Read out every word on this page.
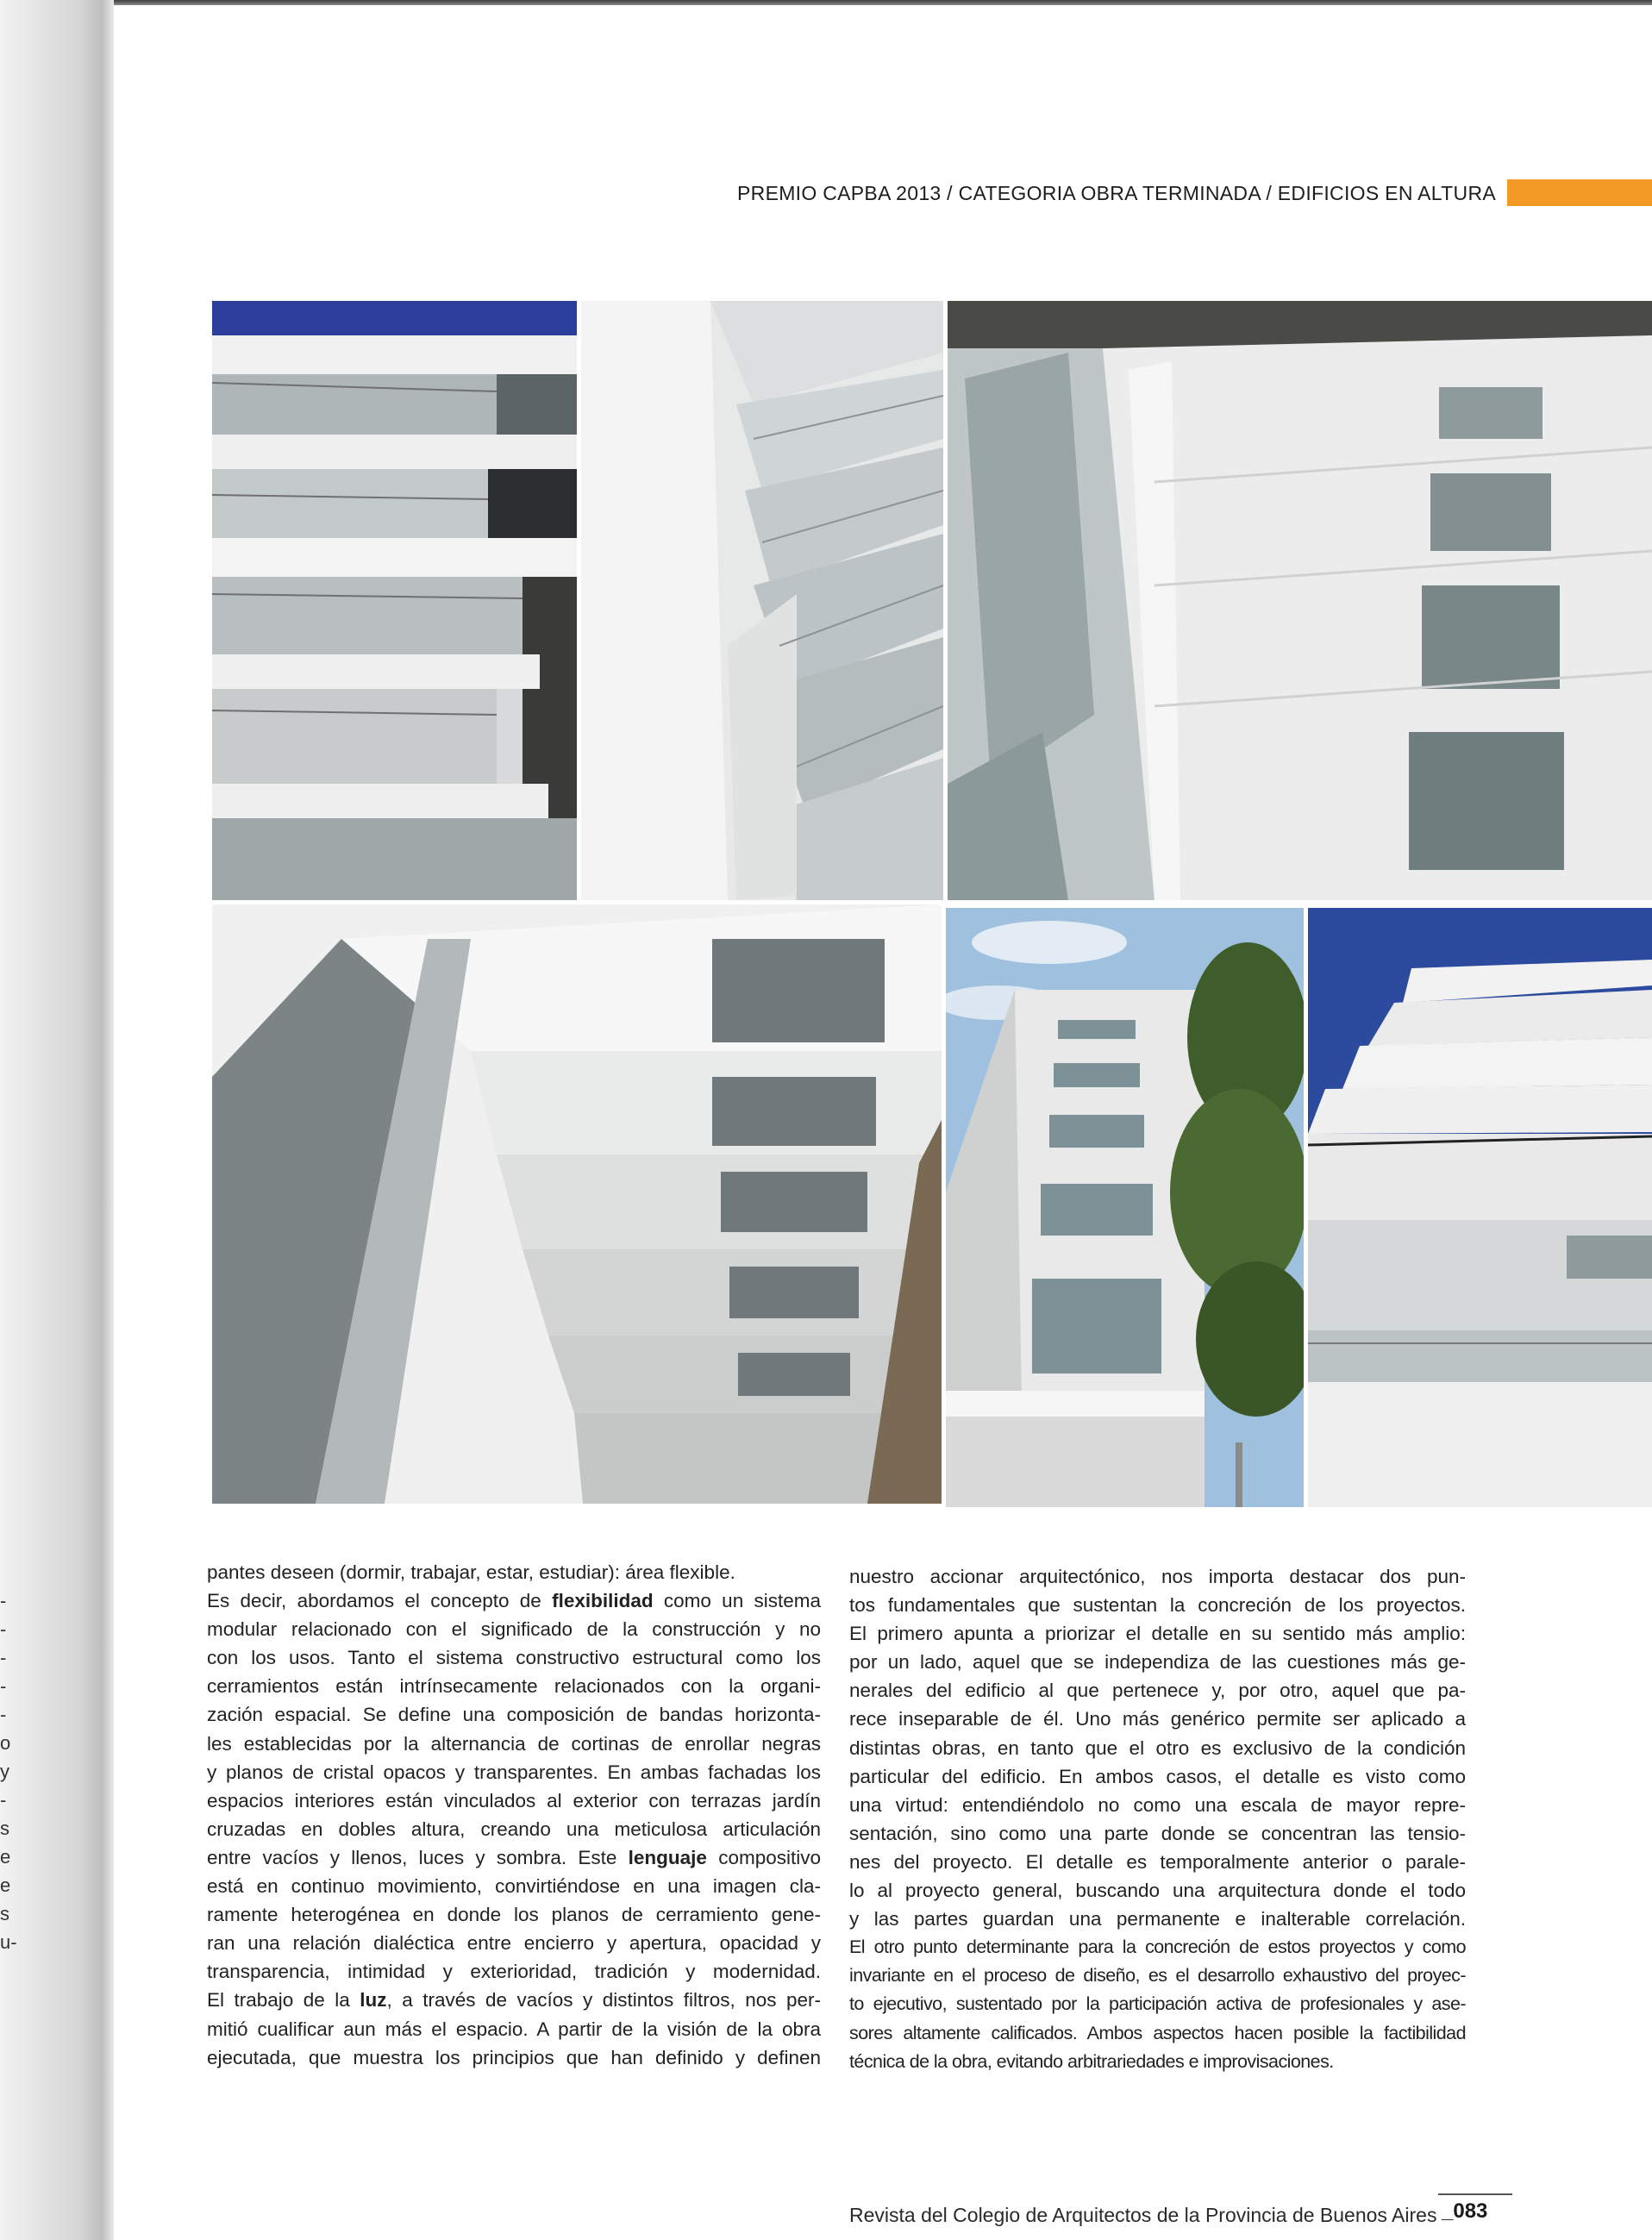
-
-
-
-
-
o
y
-
s
e
e
s
u-
PREMIO CAPBA 2013 / CATEGORIA OBRA TERMINADA / EDIFICIOS EN ALTURA
pantes deseen (dormir, trabajar, estar, estudiar): área flexible.
Es decir, abordamos el concepto de flexibilidad como un sistema
modular relacionado con el significado de la construcción y no
con los usos. Tanto el sistema constructivo estructural como los
cerramientos están intrínsecamente relacionados con la organi-
zación espacial. Se define una composición de bandas horizonta-
les establecidas por la alternancia de cortinas de enrollar negras
y planos de cristal opacos y transparentes. En ambas fachadas los
espacios interiores están vinculados al exterior con terrazas jardín
cruzadas en dobles altura, creando una meticulosa articulación
entre vacíos y llenos, luces y sombra. Este lenguaje compositivo
está en continuo movimiento, convirtiéndose en una imagen cla-
ramente heterogénea en donde los planos de cerramiento gene-
ran una relación dialéctica entre encierro y apertura, opacidad y
transparencia, intimidad y exterioridad, tradición y modernidad.
El trabajo de la luz, a través de vacíos y distintos filtros, nos per-
mitió cualificar aun más el espacio. A partir de la visión de la obra
ejecutada, que muestra los principios que han definido y definen
nuestro accionar arquitectónico, nos importa destacar dos pun-
tos fundamentales que sustentan la concreción de los proyectos.
El primero apunta a priorizar el detalle en su sentido más amplio:
por un lado, aquel que se independiza de las cuestiones más ge-
nerales del edificio al que pertenece y, por otro, aquel que pa-
rece inseparable de él. Uno más genérico permite ser aplicado a
distintas obras, en tanto que el otro es exclusivo de la condición
particular del edificio. En ambos casos, el detalle es visto como
una virtud: entendiéndolo no como una escala de mayor repre-
sentación, sino como una parte donde se concentran las tensio-
nes del proyecto. El detalle es temporalmente anterior o parale-
lo al proyecto general, buscando una arquitectura donde el todo
y las partes guardan una permanente e inalterable correlación.
El otro punto determinante para la concreción de estos proyectos y como
invariante en el proceso de diseño, es el desarrollo exhaustivo del proyec-
to ejecutivo, sustentado por la participación activa de profesionales y ase-
sores altamente calificados. Ambos aspectos hacen posible la factibilidad
técnica de la obra, evitando arbitrariedades e improvisaciones.
Revista del Colegio de Arquitectos de la Provincia de Buenos Aires _083
